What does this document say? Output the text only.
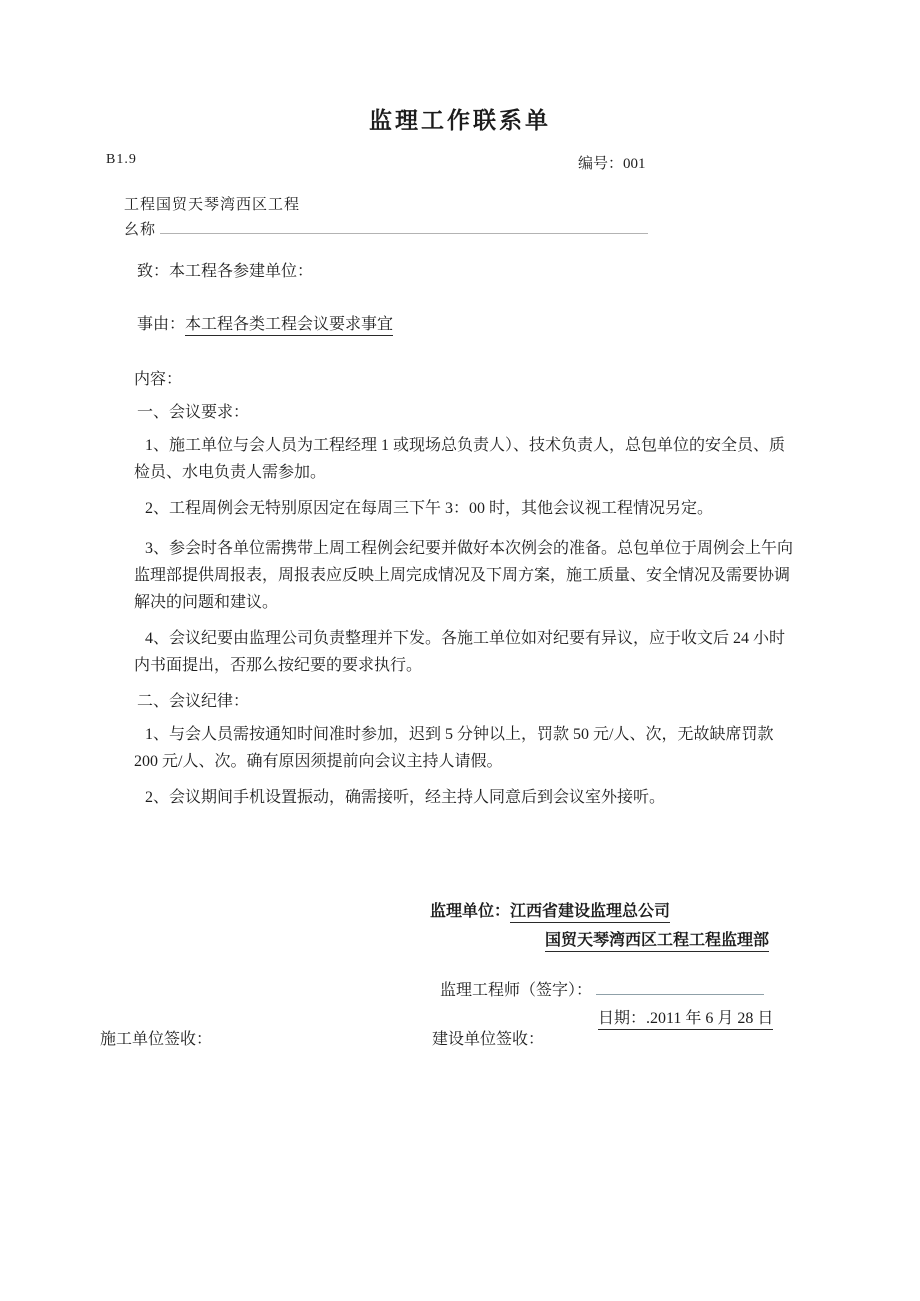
监理工作联系单
B1.9	编号：001
工程国贸天琴湾西区工程
幺称
致：本工程各参建单位：
事由：本工程各类工程会议要求事宜

内容：

一、会议要求：

1、施工单位与会人员为工程经理 1 或现场总负责人）、技术负责人，总包单位的安全员、质检员、水电负责人需参加。

2、工程周例会无特别原因定在每周三下午 3：00 时，其他会议视工程情况另定。

3、参会时各单位需携带上周工程例会纪要并做好本次例会的准备。总包单位于周例会上午向监理部提供周报表，周报表应反映上周完成情况及下周方案，施工质量、安全情况及需要协调解决的问题和建议。

4、会议纪要由监理公司负责整理并下发。各施工单位如对纪要有异议，应于收文后 24 小时内书面提出，否那么按纪要的要求执行。

二、会议纪律：

1、与会人员需按通知时间准时参加，迟到 5 分钟以上，罚款 50 元/人、次，无故缺席罚款 200 元/人、次。确有原因须提前向会议主持人请假。

2、会议期间手机设置振动，确需接听，经主持人同意后到会议室外接听。

监理单位：江西省建设监理总公司
国贸天琴湾西区工程工程监理部
监理工程师（签字）：
日期：.2011 年 6 月 28 日
施工单位签收：	建设单位签收：
